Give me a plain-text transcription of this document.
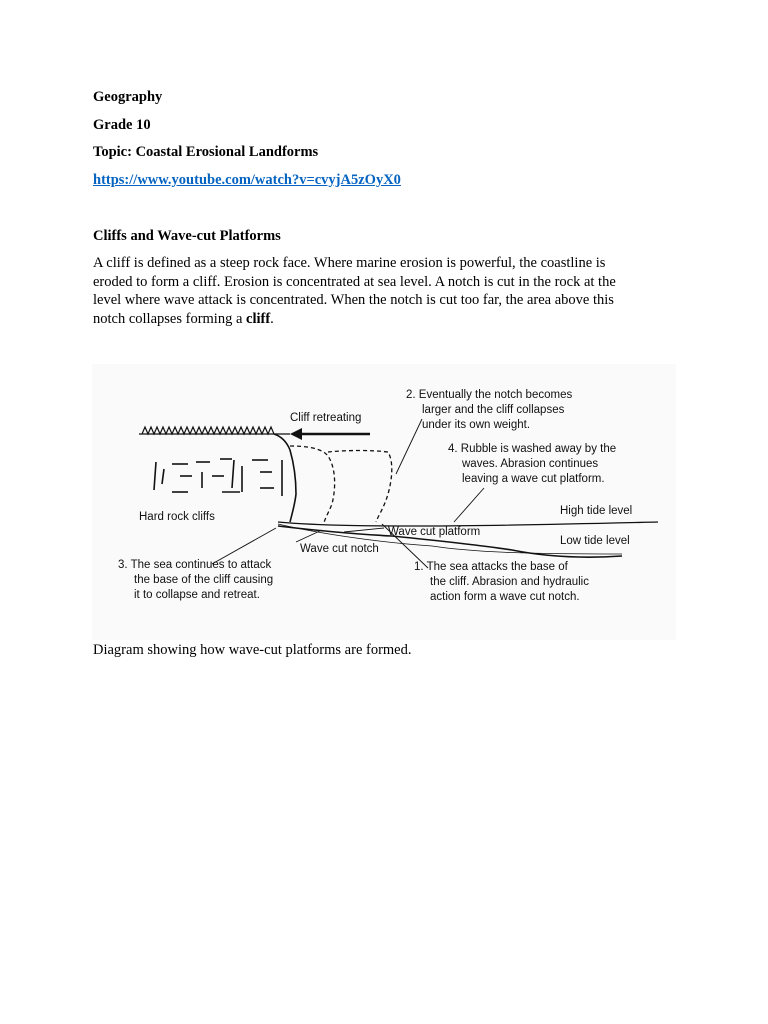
Geography
Grade 10
Topic: Coastal Erosional Landforms
https://www.youtube.com/watch?v=cvyjA5zOyX0
Cliffs and Wave-cut Platforms
A cliff is defined as a steep rock face. Where marine erosion is powerful, the coastline is
eroded to form a cliff. Erosion is concentrated at sea level. A notch is cut in the rock at the
level where wave attack is concentrated. When the notch is cut too far, the area above this
notch collapses forming a cliff.
Cliff retreating
2. Eventually the notch becomes
larger and the cliff collapses
under its own weight.
4. Rubble is washed away by the
waves. Abrasion continues
leaving a wave cut platform.
Hard rock cliffs	High tide level
Wave cut platform
Low tide level
Wave cut notch
3. The sea continues to attack
the base of the cliff causing
it to collapse and retreat.
1. The sea attacks the base of
the cliff. Abrasion and hydraulic
action form a wave cut notch.
Diagram showing how wave-cut platforms are formed.
